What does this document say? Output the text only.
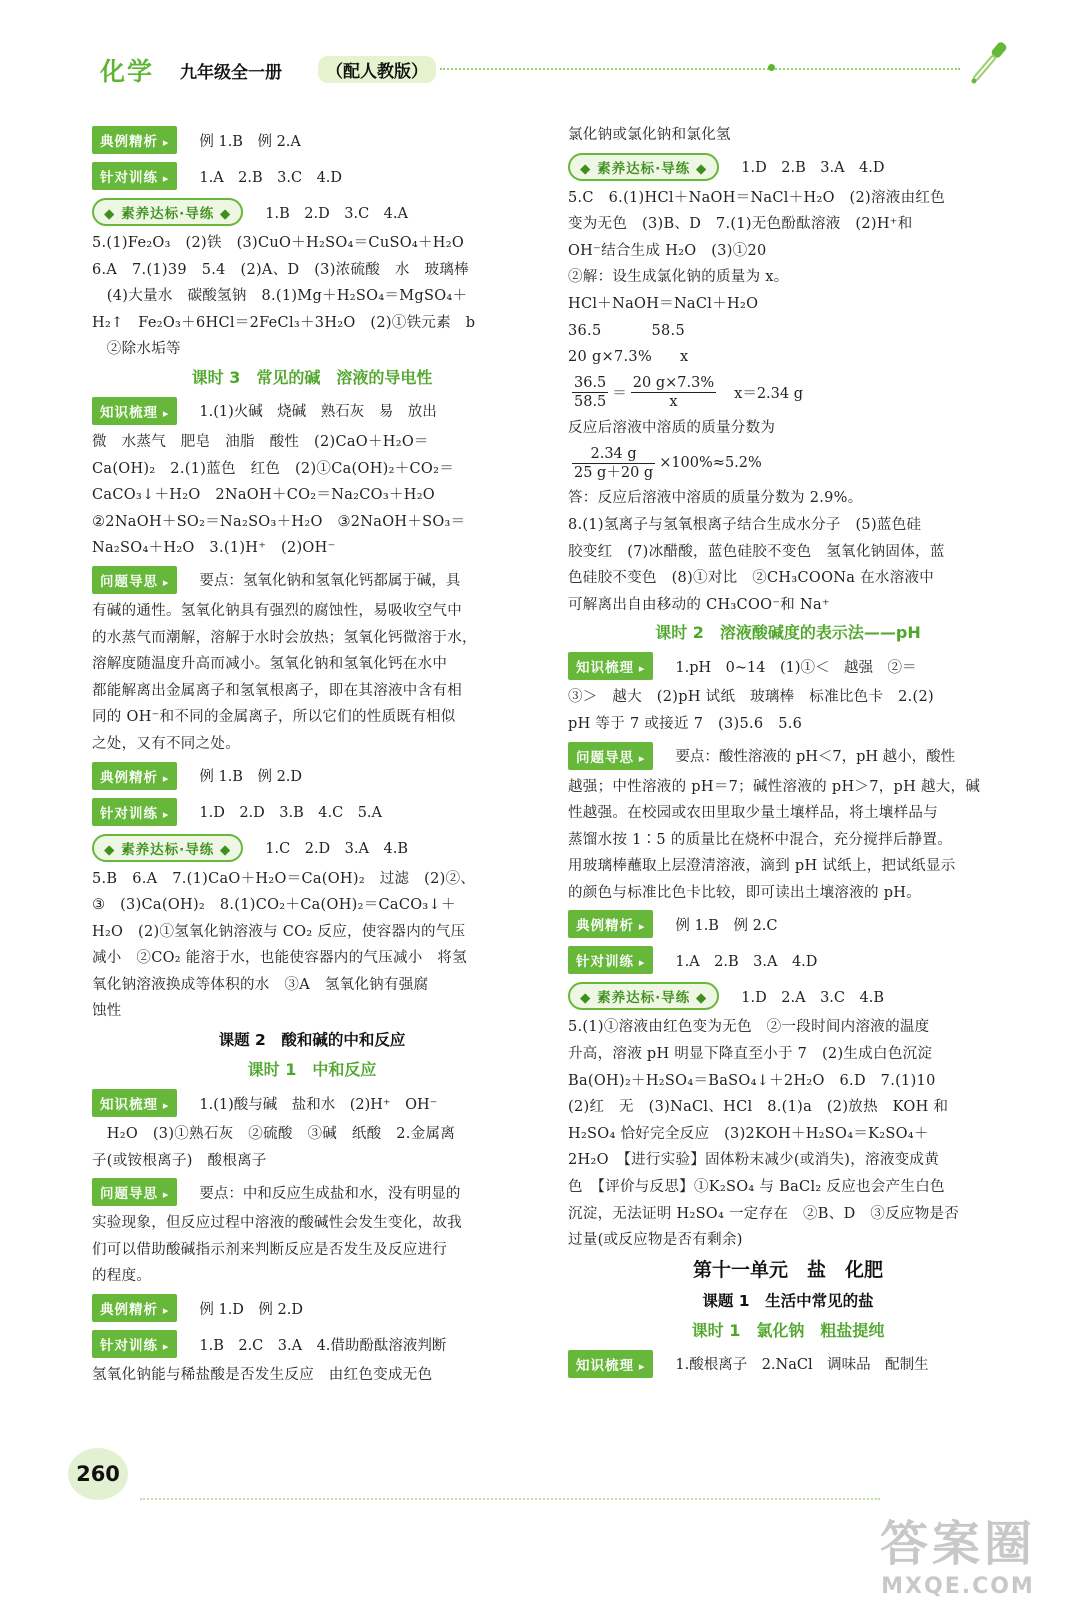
化学 九年级全一册	（配人教版）
典例精析 ▸	例 1.B　例 2.A
针对训练 ▸	1.A　2.B　3.C　4.D
◆ 素养达标·导练 ◆	1.B　2.D　3.C　4.A
5.(1)Fe₂O₃　(2)铁　(3)CuO＋H₂SO₄＝CuSO₄＋H₂O
6.A　7.(1)39　5.4　(2)A、D　(3)浓硫酸　水　玻璃棒
　(4)大量水　碳酸氢钠　8.(1)Mg＋H₂SO₄＝MgSO₄＋
H₂↑　Fe₂O₃＋6HCl＝2FeCl₃＋3H₂O　(2)①铁元素　b
　②除水垢等
课时 3　常见的碱　溶液的导电性
知识梳理 ▸	1.(1)火碱　烧碱　熟石灰　易　放出
微　水蒸气　肥皂　油脂　酸性　(2)CaO＋H₂O＝
Ca(OH)₂　2.(1)蓝色　红色　(2)①Ca(OH)₂＋CO₂＝
CaCO₃↓＋H₂O　2NaOH＋CO₂＝Na₂CO₃＋H₂O
②2NaOH＋SO₂＝Na₂SO₃＋H₂O　③2NaOH＋SO₃＝
Na₂SO₄＋H₂O　3.(1)H⁺　(2)OH⁻
问题导思 ▸	要点：氢氧化钠和氢氧化钙都属于碱，具
有碱的通性。氢氧化钠具有强烈的腐蚀性，易吸收空气中
的水蒸气而潮解，溶解于水时会放热；氢氧化钙微溶于水，
溶解度随温度升高而减小。氢氧化钠和氢氧化钙在水中
都能解离出金属离子和氢氧根离子，即在其溶液中含有相
同的 OH⁻和不同的金属离子，所以它们的性质既有相似
之处，又有不同之处。
典例精析 ▸	例 1.B　例 2.D
针对训练 ▸	1.D　2.D　3.B　4.C　5.A
◆ 素养达标·导练 ◆	1.C　2.D　3.A　4.B
5.B　6.A　7.(1)CaO＋H₂O＝Ca(OH)₂　过滤　(2)②、
③　(3)Ca(OH)₂　8.(1)CO₂＋Ca(OH)₂＝CaCO₃↓＋
H₂O　(2)①氢氧化钠溶液与 CO₂ 反应，使容器内的气压
减小　②CO₂ 能溶于水，也能使容器内的气压减小　将氢
氧化钠溶液换成等体积的水　③A　氢氧化钠有强腐
蚀性
课题 2　酸和碱的中和反应
课时 1　中和反应
知识梳理 ▸	1.(1)酸与碱　盐和水　(2)H⁺　OH⁻
　H₂O　(3)①熟石灰　②硫酸　③碱　纸酸　2.金属离
子(或铵根离子)　酸根离子
问题导思 ▸	要点：中和反应生成盐和水，没有明显的
实验现象，但反应过程中溶液的酸碱性会发生变化，故我
们可以借助酸碱指示剂来判断反应是否发生及反应进行
的程度。
典例精析 ▸	例 1.D　例 2.D
针对训练 ▸	1.B　2.C　3.A　4.借助酚酞溶液判断
氢氧化钠能与稀盐酸是否发生反应　由红色变成无色
氯化钠或氯化钠和氯化氢
◆ 素养达标·导练 ◆	1.D　2.B　3.A　4.D
5.C　6.(1)HCl＋NaOH＝NaCl＋H₂O　(2)溶液由红色
变为无色　(3)B、D　7.(1)无色酚酞溶液　(2)H⁺和
OH⁻结合生成 H₂O　(3)①20
②解：设生成氯化钠的质量为 x。
HCl＋NaOH＝NaCl＋H₂O
36.5	58.5
20 g×7.3% x
$\frac{36.5}{58.5} = \frac{20 g\times 7.3\%}{x} x=2.34$ g
反应后溶液中溶质的质量分数为
$\frac{2.34 g}{25 g+20 g} \times 100\%\approx 5.2\%$
答：反应后溶液中溶质的质量分数为 2.9%。
8.(1)氢离子与氢氧根离子结合生成水分子　(5)蓝色硅
胶变红　(7)冰醋酸，蓝色硅胶不变色　氢氧化钠固体，蓝
色硅胶不变色　(8)①对比　②CH₃COONa 在水溶液中
可解离出自由移动的 CH₃COO⁻和 Na⁺
课时 2　溶液酸碱度的表示法——pH
知识梳理 ▸	1.pH　0~14　(1)①＜　越强　②＝
③＞　越大　(2)pH 试纸　玻璃棒　标准比色卡　2.(2)
pH 等于 7 或接近 7　(3)5.6　5.6
问题导思 ▸	要点：酸性溶液的 pH＜7，pH 越小，酸性
越强；中性溶液的 pH＝7；碱性溶液的 pH＞7，pH 越大，碱
性越强。在校园或农田里取少量土壤样品，将土壤样品与
蒸馏水按 1∶5 的质量比在烧杯中混合，充分搅拌后静置。
用玻璃棒蘸取上层澄清溶液，滴到 pH 试纸上，把试纸显示
的颜色与标准比色卡比较，即可读出土壤溶液的 pH。
典例精析 ▸	例 1.B　例 2.C
针对训练 ▸	1.A　2.B　3.A　4.D
◆ 素养达标·导练 ◆	1.D　2.A　3.C　4.B
5.(1)①溶液由红色变为无色　②一段时间内溶液的温度
升高，溶液 pH 明显下降直至小于 7　(2)生成白色沉淀
Ba(OH)₂＋H₂SO₄＝BaSO₄↓＋2H₂O　6.D　7.(1)10
(2)红　无　(3)NaCl、HCl　8.(1)a　(2)放热　KOH 和
H₂SO₄ 恰好完全反应　(3)2KOH＋H₂SO₄＝K₂SO₄＋
2H₂O　【进行实验】固体粉末减少(或消失)，溶液变成黄
色　【评价与反思】①K₂SO₄ 与 BaCl₂ 反应也会产生白色
沉淀，无法证明 H₂SO₄ 一定存在　②B、D　③反应物是否
过量(或反应物是否有剩余)
第十一单元　盐　化肥
课题 1　生活中常见的盐
课时 1　氯化钠　粗盐提纯
知识梳理 ▸	1.酸根离子　2.NaCl　调味品　配制生
260
答案圈
MXQE.COM
